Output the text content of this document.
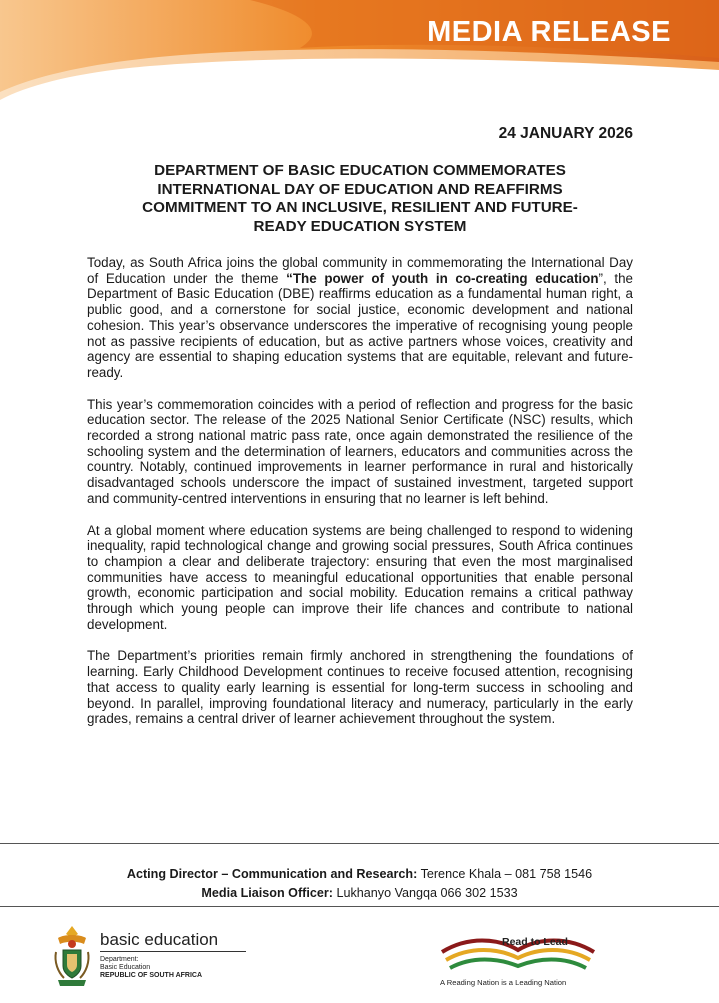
MEDIA RELEASE
24 JANUARY 2026
DEPARTMENT OF BASIC EDUCATION COMMEMORATES
INTERNATIONAL DAY OF EDUCATION AND REAFFIRMS
COMMITMENT TO AN INCLUSIVE, RESILIENT AND FUTURE-
READY EDUCATION SYSTEM

Today, as South Africa joins the global community in commemorating the International Day of Education under the theme “The power of youth in co-creating education”, the Department of Basic Education (DBE) reaffirms education as a fundamental human right, a public good, and a cornerstone for social justice, economic development and national cohesion. This year’s observance underscores the imperative of recognising young people not as passive recipients of education, but as active partners whose voices, creativity and agency are essential to shaping education systems that are equitable, relevant and future-ready.

This year’s commemoration coincides with a period of reflection and progress for the basic education sector. The release of the 2025 National Senior Certificate (NSC) results, which recorded a strong national matric pass rate, once again demonstrated the resilience of the schooling system and the determination of learners, educators and communities across the country. Notably, continued improvements in learner performance in rural and historically disadvantaged schools underscore the impact of sustained investment, targeted support and community-centred interventions in ensuring that no learner is left behind.

At a global moment where education systems are being challenged to respond to widening inequality, rapid technological change and growing social pressures, South Africa continues to champion a clear and deliberate trajectory: ensuring that even the most marginalised communities have access to meaningful educational opportunities that enable personal growth, economic participation and social mobility. Education remains a critical pathway through which young people can improve their life chances and contribute to national development.

The Department’s priorities remain firmly anchored in strengthening the foundations of learning. Early Childhood Development continues to receive focused attention, recognising that access to quality early learning is essential for long-term success in schooling and beyond. In parallel, improving foundational literacy and numeracy, particularly in the early grades, remains a central driver of learner achievement throughout the system.

Acting Director – Communication and Research: Terence Khala – 081 758 1546
Media Liaison Officer: Lukhanyo Vangqa 066 302 1533
basic education
Department:
Basic Education
REPUBLIC OF SOUTH AFRICA
Read to Lead
A Reading Nation is a Leading Nation
